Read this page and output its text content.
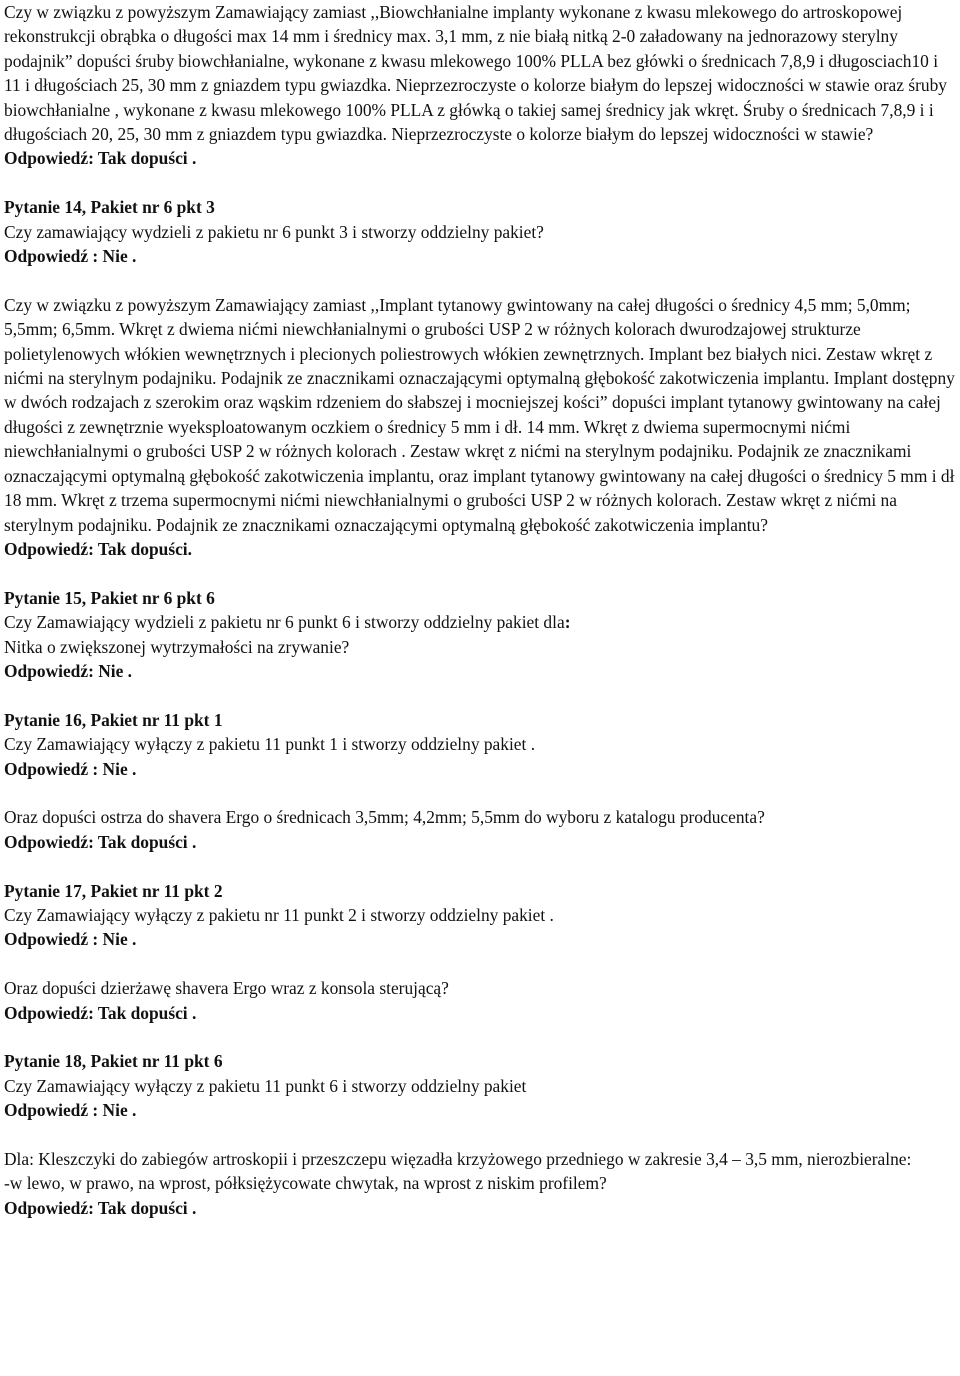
Czy w związku z powyższym Zamawiający zamiast ,,Biowchłanialne implanty wykonane z kwasu mlekowego do artroskopowej rekonstrukcji obrąbka o długości max 14 mm i średnicy max. 3,1 mm, z nie białą nitką 2-0 załadowany na jednorazowy sterylny podajnik” dopuści śruby biowchłanialne, wykonane z kwasu mlekowego 100% PLLA bez główki o średnicach 7,8,9 i długosciach10 i 11 i długościach 25, 30 mm z gniazdem typu gwiazdka. Nieprzezroczyste o kolorze białym do lepszej widoczności w stawie oraz śruby biowchłanialne , wykonane z kwasu mlekowego 100% PLLA z główką o takiej samej średnicy jak wkręt. Śruby o średnicach 7,8,9 i i długościach 20, 25, 30 mm z gniazdem typu gwiazdka. Nieprzezroczyste o kolorze białym do lepszej widoczności w stawie?

Odpowiedź: Tak dopuści .

Pytanie 14, Pakiet nr 6 pkt 3

Czy zamawiający wydzieli z pakietu nr 6 punkt 3 i stworzy oddzielny pakiet?

Odpowiedź : Nie .

Czy w związku z powyższym Zamawiający zamiast ,,Implant tytanowy gwintowany na całej długości o średnicy 4,5 mm; 5,0mm; 5,5mm; 6,5mm. Wkręt z dwiema nićmi niewchłanialnymi o grubości USP 2 w różnych kolorach dwurodzajowej strukturze polietylenowych włókien wewnętrznych i plecionych poliestrowych włókien zewnętrznych. Implant bez białych nici. Zestaw wkręt z nićmi na sterylnym podajniku. Podajnik ze znacznikami oznaczającymi optymalną głębokość zakotwiczenia implantu. Implant dostępny w dwóch rodzajach z szerokim oraz wąskim rdzeniem do słabszej i mocniejszej kości” dopuści implant tytanowy gwintowany na całej długości z zewnętrznie wyeksploatowanym oczkiem o średnicy 5 mm i dł. 14 mm. Wkręt z dwiema supermocnymi nićmi niewchłanialnymi o grubości USP 2 w różnych kolorach . Zestaw wkręt z nićmi na sterylnym podajniku. Podajnik ze znacznikami oznaczającymi optymalną głębokość zakotwiczenia implantu, oraz implant tytanowy gwintowany na całej długości o średnicy 5 mm i dł 18 mm. Wkręt z trzema supermocnymi nićmi niewchłanialnymi o grubości USP 2 w różnych kolorach. Zestaw wkręt z nićmi na sterylnym podajniku. Podajnik ze znacznikami oznaczającymi optymalną głębokość zakotwiczenia implantu?

Odpowiedź: Tak dopuści.

Pytanie 15, Pakiet nr 6 pkt 6

Czy Zamawiający wydzieli z pakietu nr 6 punkt 6 i stworzy oddzielny pakiet dla:

Nitka o zwiększonej wytrzymałości na zrywanie?

Odpowiedź: Nie .

Pytanie 16, Pakiet nr 11 pkt 1

Czy Zamawiający wyłączy z pakietu 11 punkt 1 i stworzy oddzielny pakiet .

Odpowiedź : Nie .

Oraz dopuści ostrza do shavera Ergo o średnicach 3,5mm; 4,2mm; 5,5mm do wyboru z katalogu producenta?

Odpowiedź: Tak dopuści .

Pytanie 17, Pakiet nr 11 pkt 2

Czy Zamawiający wyłączy z pakietu nr 11 punkt 2 i stworzy oddzielny pakiet .

Odpowiedź : Nie .

Oraz dopuści dzierżawę shavera Ergo wraz z konsola sterującą?

Odpowiedź: Tak dopuści .

Pytanie 18, Pakiet nr 11 pkt 6

Czy Zamawiający wyłączy z pakietu 11 punkt 6 i stworzy oddzielny pakiet

Odpowiedź : Nie .

Dla: Kleszczyki do zabiegów artroskopii i przeszczepu więzadła krzyżowego przedniego w zakresie 3,4 – 3,5 mm, nierozbieralne:

-w lewo, w prawo, na wprost, półksiężycowate chwytak, na wprost z niskim profilem?

Odpowiedź: Tak dopuści .
